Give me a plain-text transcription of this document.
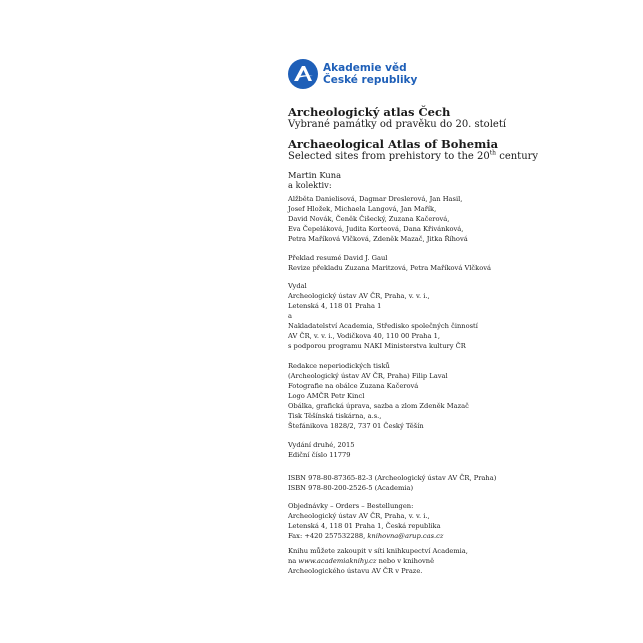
Akademie věd
České republiky
Archeologický atlas Čech

Vybrané památky od pravěku do 20. století

Archaeological Atlas of Bohemia

Selected sites from prehistory to the 20th century

Martin Kuna
a kolektiv:
Alžběta Danielisová, Dagmar Dreslerová, Jan Hasil,
Josef Hložek, Michaela Langová, Jan Mařík,
David Novák, Čeněk Čišecký, Zuzana Kačerová,
Eva Čepeláková, Judita Korteová, Dana Křivánková,
Petra Maříková Vlčková, Zdeněk Mazač, Jitka Říhová
Překlad resumé David J. Gaul
Revize překladu Zuzana Maritzová, Petra Maříková Vlčková
Vydal
Archeologický ústav AV ČR, Praha, v. v. i.,
Letenská 4, 118 01 Praha 1
a
Nakladatelství Academia, Středisko společných činností
AV ČR, v. v. i., Vodičkova 40, 110 00 Praha 1,
s podporou programu NAKI Ministerstva kultury ČR
Redakce neperiodických tisků
(Archeologický ústav AV ČR, Praha) Filip Laval
Fotografie na obálce Zuzana Kačerová
Logo AMČR Petr Kincl
Obálka, grafická úprava, sazba a zlom Zdeněk Mazač
Tisk Těšínská tiskárna, a.s.,
Štefánikova 1828/2, 737 01 Český Těšín
Vydání druhé, 2015
Ediční číslo 11779
ISBN 978-80-87365-82-3 (Archeologický ústav AV ČR, Praha)
ISBN 978-80-200-2526-5 (Academia)
Objednávky – Orders – Bestellungen:
Archeologický ústav AV ČR, Praha, v. v. i.,
Letenská 4, 118 01 Praha 1, Česká republika
Fax: +420 257532288, knihovna@arup.cas.cz
Knihu můžete zakoupit v síti knihkupectví Academia,
na www.academiaknihy.cz nebo v knihovně
Archeologického ústavu AV ČR v Praze.
